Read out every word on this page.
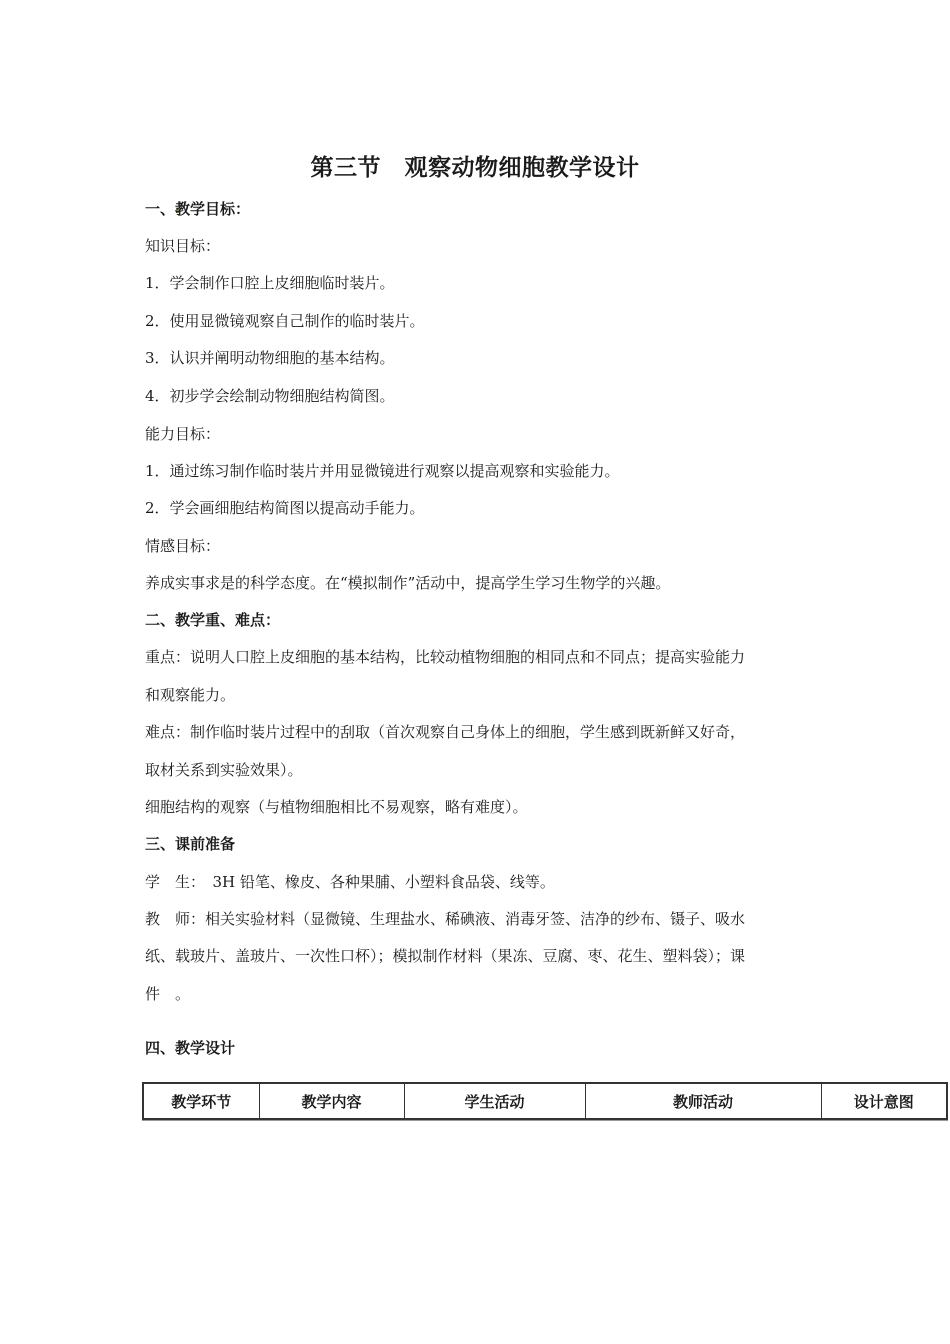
第三节　观察动物细胞教学设计
一、教学目标：
知识目标：
1．学会制作口腔上皮细胞临时装片。
2．使用显微镜观察自己制作的临时装片。
3．认识并阐明动物细胞的基本结构。
4．初步学会绘制动物细胞结构简图。
能力目标：
1．通过练习制作临时装片并用显微镜进行观察以提高观察和实验能力。
2．学会画细胞结构简图以提高动手能力。
情感目标：
养成实事求是的科学态度。在“模拟制作”活动中，提高学生学习生物学的兴趣。
二、教学重、难点：
重点：说明人口腔上皮细胞的基本结构，比较动植物细胞的相同点和不同点；提高实验能力
和观察能力。
难点：制作临时装片过程中的刮取（首次观察自己身体上的细胞，学生感到既新鲜又好奇，
取材关系到实验效果）。
细胞结构的观察（与植物细胞相比不易观察，略有难度）。
三、课前准备
学　生：　3H 铅笔、橡皮、各种果脯、小塑料食品袋、线等。
教　师：相关实验材料（显微镜、生理盐水、稀碘液、消毒牙签、洁净的纱布、镊子、吸水
纸、载玻片、盖玻片、一次性口杯）；模拟制作材料（果冻、豆腐、枣、花生、塑料袋）；课
件　。
四、教学设计
教学环节	教学内容	学生活动	教师活动	设计意图
